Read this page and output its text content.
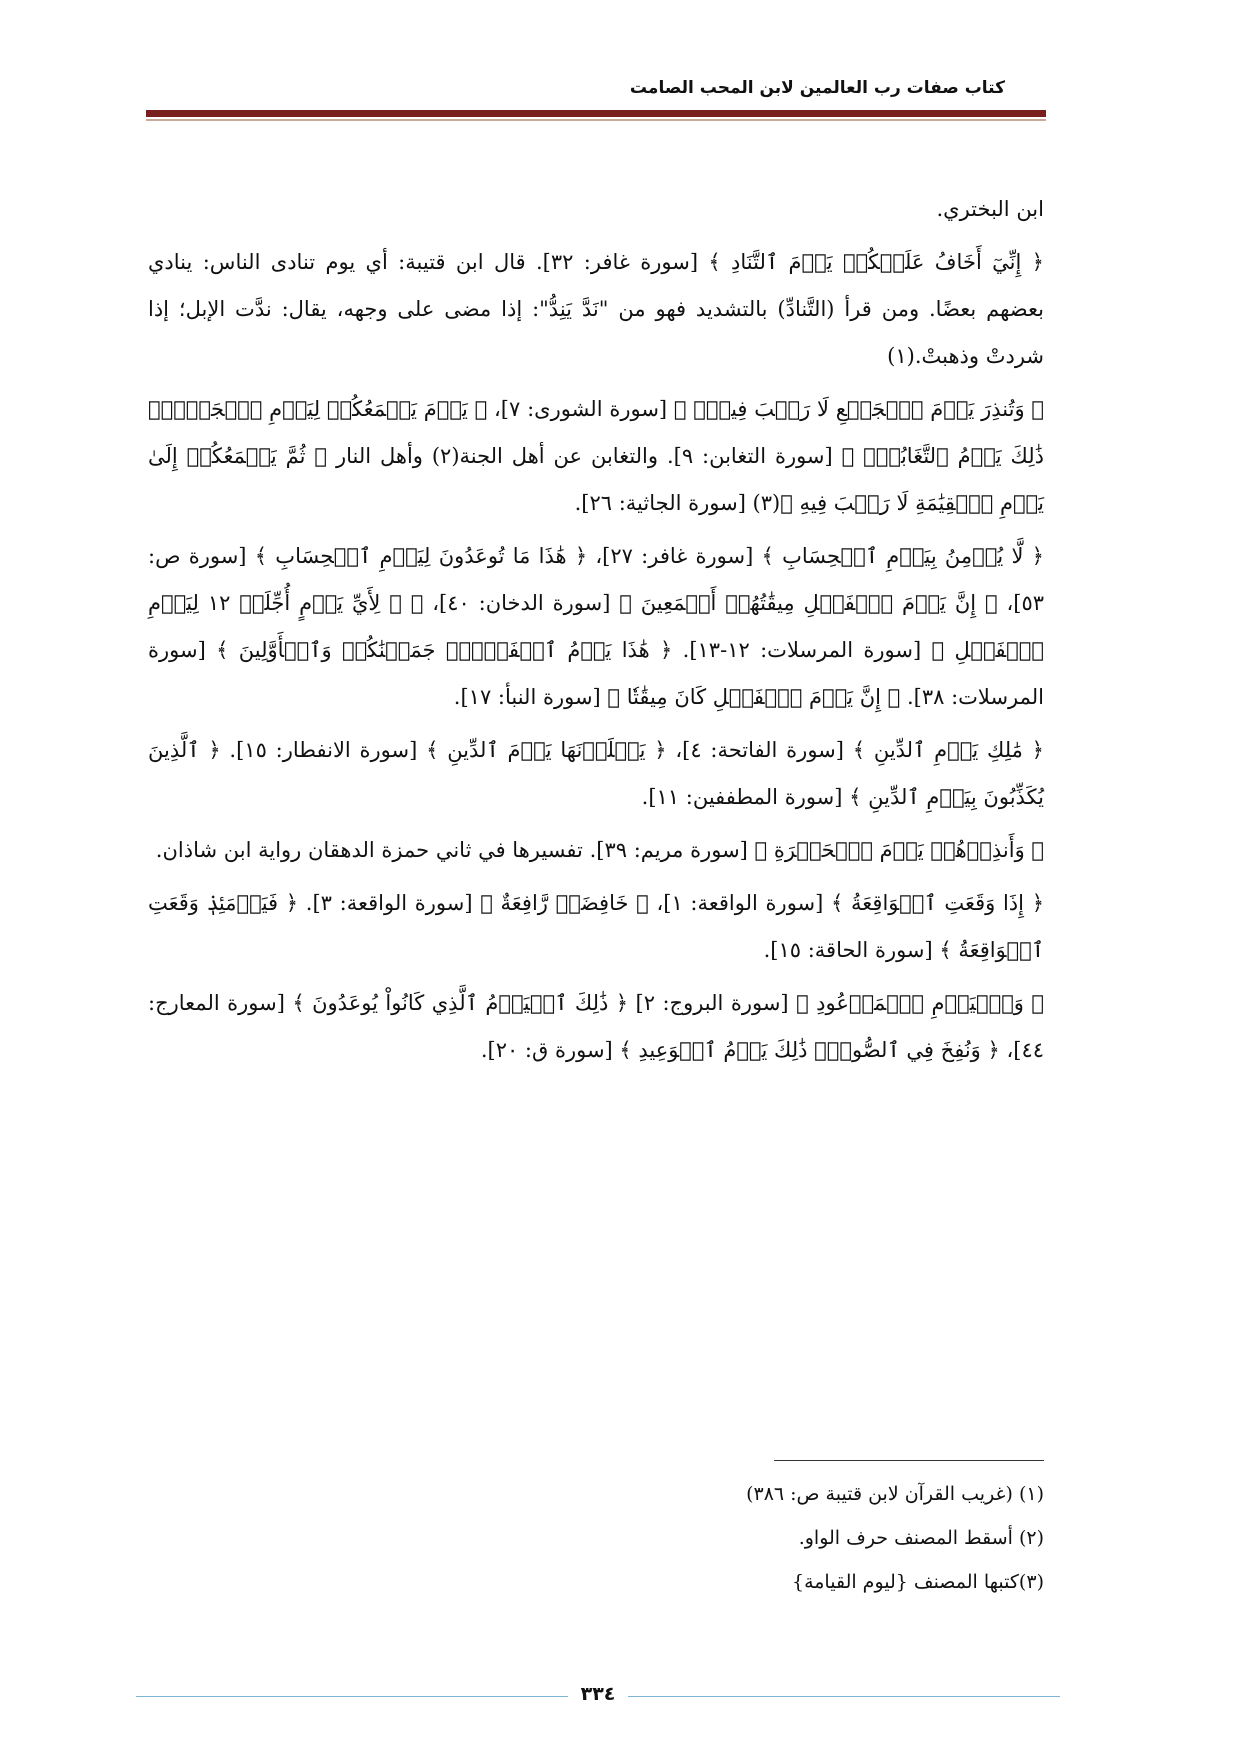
كتاب صفات رب العالمين لابن المحب الصامت

ابن البختري.

﴿ إِنِّيٓ أَخَافُ عَلَيۡكُمۡ يَوۡمَ ٱلتَّنَادِ ﴾ [سورة غافر: ٣٢]. قال ابن قتيبة: أي يوم تنادى الناس: ينادي بعضهم بعضًا. ومن قرأ (التَّنادِّ) بالتشديد فهو من "نَدَّ يَنِدُّ": إذا مضى على وجهه، يقال: ندَّت الإبل؛ إذا شردتْ وذهبتْ.(١)

﴿ وَتُنذِرَ يَوۡمَ ٱلۡجَمۡعِ لَا رَيۡبَ فِيهِۚ ﴾ [سورة الشورى: ٧]، ﴿ يَوۡمَ يَجۡمَعُكُمۡ لِيَوۡمِ ٱلۡجَمۡعِۖ ذَٰلِكَ يَوۡمُ ٱلتَّغَابُنِۗ ﴾ [سورة التغابن: ٩]. والتغابن عن أهل الجنة(٢) وأهل النار ﴿ ثُمَّ يَجۡمَعُكُمۡ إِلَىٰ يَوۡمِ ٱلۡقِيَٰمَةِ لَا رَيۡبَ فِيهِ ﴾(٣) [سورة الجاثية: ٢٦].

﴿ لَّا يُؤۡمِنُ بِيَوۡمِ ٱلۡحِسَابِ ﴾ [سورة غافر: ٢٧]، ﴿ هَٰذَا مَا تُوعَدُونَ لِيَوۡمِ ٱلۡحِسَابِ ﴾ [سورة ص: ٥٣]، ﴿ إِنَّ يَوۡمَ ٱلۡفَصۡلِ مِيقَٰتُهُمۡ أَجۡمَعِينَ ﴾ [سورة الدخان: ٤٠]، ﴿ ﴿ لِأَيِّ يَوۡمٍ أُجِّلَتۡ ١٢ لِيَوۡمِ ٱلۡفَصۡلِ ﴾ [سورة المرسلات: ١٢-١٣]. ﴿ هَٰذَا يَوۡمُ ٱلۡفَصۡلِۖ جَمَعۡنَٰكُمۡ وَٱلۡأَوَّلِينَ ﴾ [سورة المرسلات: ٣٨]. ﴿ إِنَّ يَوۡمَ ٱلۡفَصۡلِ كَانَ مِيقَٰتٗا ﴾ [سورة النبأ: ١٧].

﴿ مَٰلِكِ يَوۡمِ ٱلدِّينِ ﴾ [سورة الفاتحة: ٤]، ﴿ يَصۡلَوۡنَهَا يَوۡمَ ٱلدِّينِ ﴾ [سورة الانفطار: ١٥]. ﴿ ٱلَّذِينَ يُكَذِّبُونَ بِيَوۡمِ ٱلدِّينِ ﴾ [سورة المطففين: ١١].

﴿ وَأَنذِرۡهُمۡ يَوۡمَ ٱلۡحَسۡرَةِ ﴾ [سورة مريم: ٣٩]. تفسيرها في ثاني حمزة الدهقان رواية ابن شاذان.

﴿ إِذَا وَقَعَتِ ٱلۡوَاقِعَةُ ﴾ [سورة الواقعة: ١]، ﴿ خَافِضَةٞ رَّافِعَةٌ ﴾ [سورة الواقعة: ٣]. ﴿ فَيَوۡمَئِذٖ وَقَعَتِ ٱلۡوَاقِعَةُ ﴾ [سورة الحاقة: ١٥].

﴿ وَٱلۡيَوۡمِ ٱلۡمَوۡعُودِ ﴾ [سورة البروج: ٢] ﴿ ذَٰلِكَ ٱلۡيَوۡمُ ٱلَّذِي كَانُواْ يُوعَدُونَ ﴾ [سورة المعارج: ٤٤]، ﴿ وَنُفِخَ فِي ٱلصُّورِۚ ذَٰلِكَ يَوۡمُ ٱلۡوَعِيدِ ﴾ [سورة ق: ٢٠].

(١) (غريب القرآن لابن قتيبة ص: ٣٨٦)
(٢) أسقط المصنف حرف الواو.
(٣)كتبها المصنف {ليوم القيامة}
٣٣٤
